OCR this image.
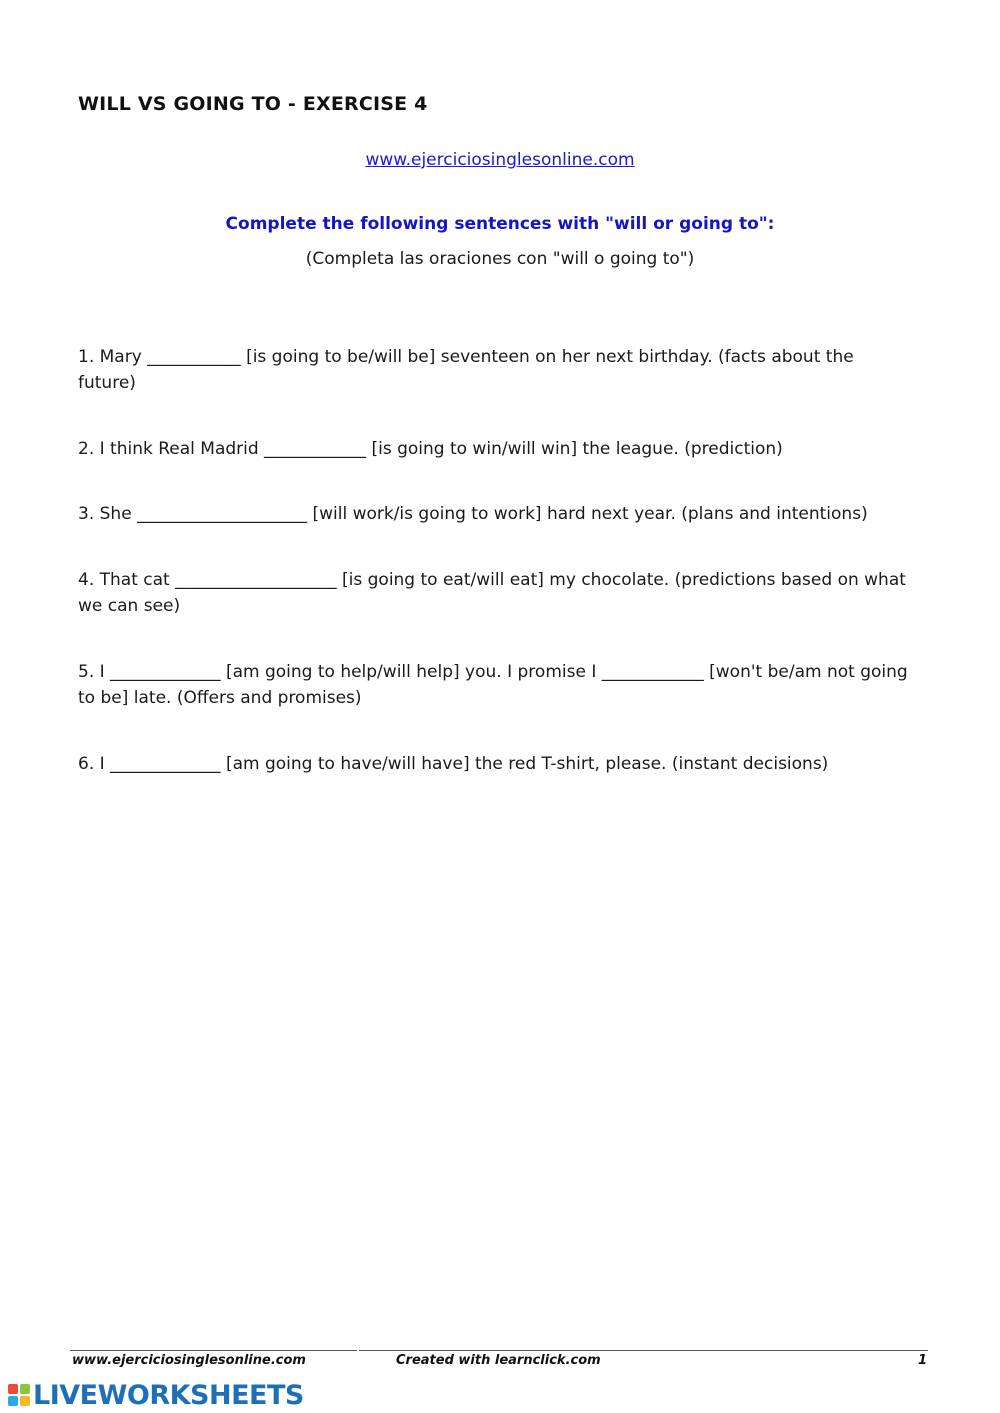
WILL VS GOING TO - EXERCISE 4
www.ejerciciosinglesonline.com
Complete the following sentences with "will or going to":
(Completa las oraciones con "will o going to")
1. Mary ___________ [is going to be/will be] seventeen on her next birthday. (facts about the future)
2. I think Real Madrid ____________ [is going to win/will win] the league. (prediction)
3. She ____________________ [will work/is going to work] hard next year. (plans and intentions)
4. That cat ___________________ [is going to eat/will eat] my chocolate. (predictions based on what we can see)
5. I _____________ [am going to help/will help] you. I promise I ____________ [won't be/am not going to be] late. (Offers and promises)
6. I _____________ [am going to have/will have] the red T-shirt, please. (instant decisions)
www.ejerciciosinglesonline.com	Created with learnclick.com	1
LIVEWORKSHEETS
